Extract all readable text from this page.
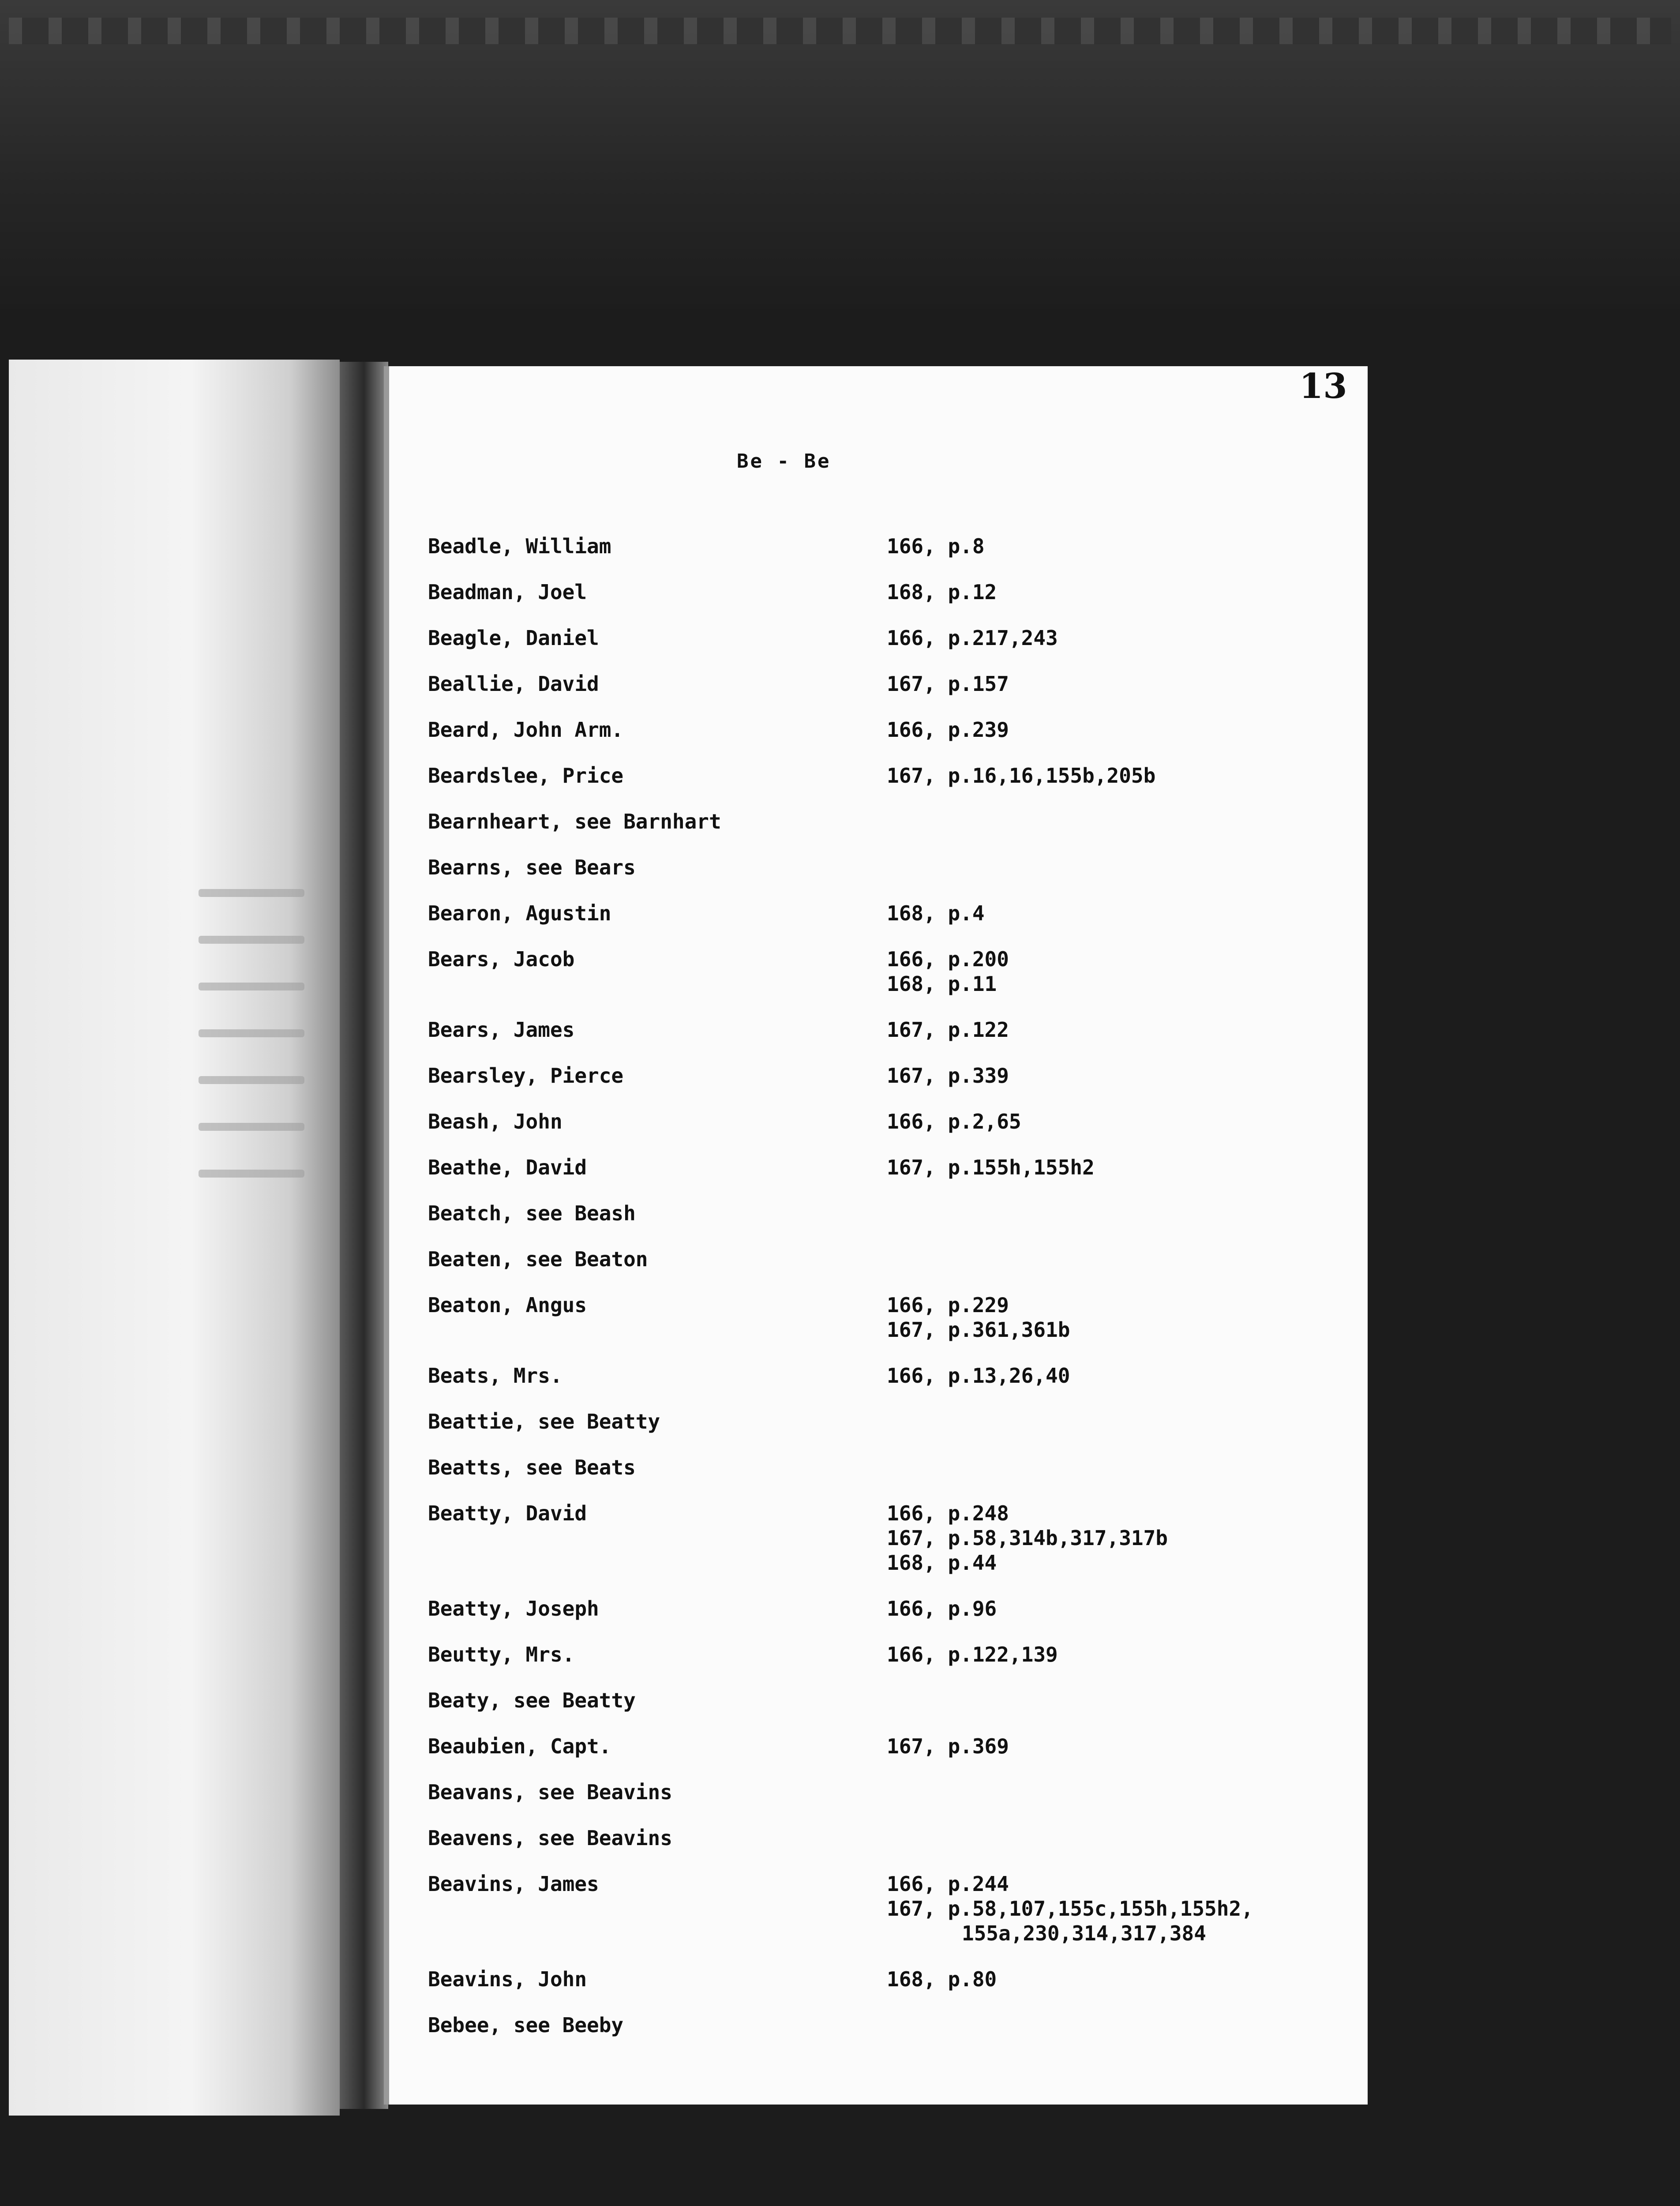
13
Be - Be
Beadle, William	166, p.8
Beadman, Joel	168, p.12
Beagle, Daniel	166, p.217,243
Beallie, David	167, p.157
Beard, John Arm.	166, p.239
Beardslee, Price	167, p.16,16,155b,205b
Bearnheart, see Barnhart
Bearns, see Bears
Bearon, Agustin	168, p.4
Bears, Jacob	166, p.200
168, p.11
Bears, James	167, p.122
Bearsley, Pierce	167, p.339
Beash, John	166, p.2,65
Beathe, David	167, p.155h,155h2
Beatch, see Beash
Beaten, see Beaton
Beaton, Angus	166, p.229
167, p.361,361b
Beats, Mrs.	166, p.13,26,40
Beattie, see Beatty
Beatts, see Beats
Beatty, David	166, p.248
167, p.58,314b,317,317b
168, p.44
Beatty, Joseph	166, p.96
Beutty, Mrs.	166, p.122,139
Beaty, see Beatty
Beaubien, Capt.	167, p.369
Beavans, see Beavins
Beavens, see Beavins
Beavins, James	166, p.244
167, p.58,107,155c,155h,155h2,
155a,230,314,317,384
Beavins, John	168, p.80
Bebee, see Beeby
